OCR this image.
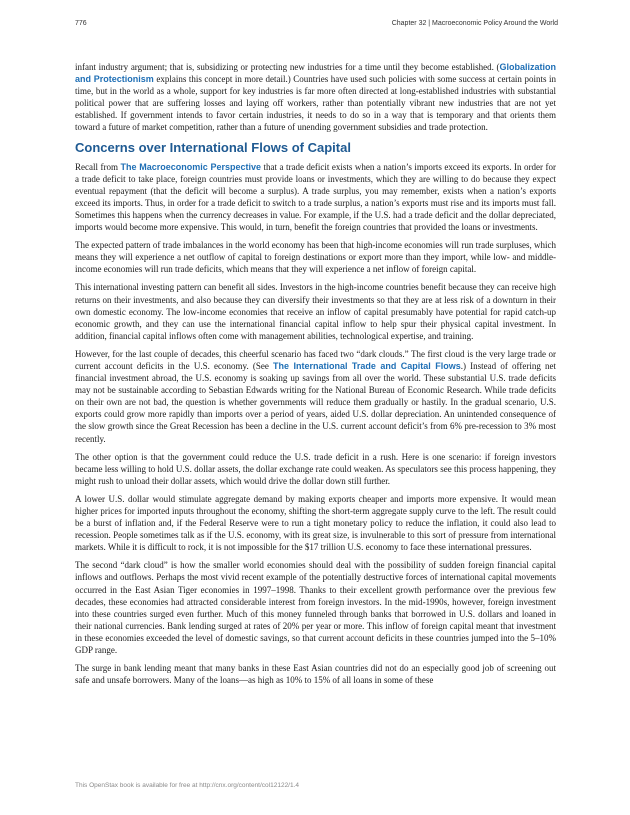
776	Chapter 32 | Macroeconomic Policy Around the World

infant industry argument; that is, subsidizing or protecting new industries for a time until they become established. (Globalization and Protectionism explains this concept in more detail.) Countries have used such policies with some success at certain points in time, but in the world as a whole, support for key industries is far more often directed at long-established industries with substantial political power that are suffering losses and laying off workers, rather than potentially vibrant new industries that are not yet established. If government intends to favor certain industries, it needs to do so in a way that is temporary and that orients them toward a future of market competition, rather than a future of unending government subsidies and trade protection.

Concerns over International Flows of Capital

Recall from The Macroeconomic Perspective that a trade deficit exists when a nation’s imports exceed its exports. In order for a trade deficit to take place, foreign countries must provide loans or investments, which they are willing to do because they expect eventual repayment (that the deficit will become a surplus). A trade surplus, you may remember, exists when a nation’s exports exceed its imports. Thus, in order for a trade deficit to switch to a trade surplus, a nation’s exports must rise and its imports must fall. Sometimes this happens when the currency decreases in value. For example, if the U.S. had a trade deficit and the dollar depreciated, imports would become more expensive. This would, in turn, benefit the foreign countries that provided the loans or investments.

The expected pattern of trade imbalances in the world economy has been that high-income economies will run trade surpluses, which means they will experience a net outflow of capital to foreign destinations or export more than they import, while low- and middle-income economies will run trade deficits, which means that they will experience a net inflow of foreign capital.

This international investing pattern can benefit all sides. Investors in the high-income countries benefit because they can receive high returns on their investments, and also because they can diversify their investments so that they are at less risk of a downturn in their own domestic economy. The low-income economies that receive an inflow of capital presumably have potential for rapid catch-up economic growth, and they can use the international financial capital inflow to help spur their physical capital investment. In addition, financial capital inflows often come with management abilities, technological expertise, and training.

However, for the last couple of decades, this cheerful scenario has faced two “dark clouds.” The first cloud is the very large trade or current account deficits in the U.S. economy. (See The International Trade and Capital Flows.) Instead of offering net financial investment abroad, the U.S. economy is soaking up savings from all over the world. These substantial U.S. trade deficits may not be sustainable according to Sebastian Edwards writing for the National Bureau of Economic Research. While trade deficits on their own are not bad, the question is whether governments will reduce them gradually or hastily. In the gradual scenario, U.S. exports could grow more rapidly than imports over a period of years, aided U.S. dollar depreciation. An unintended consequence of the slow growth since the Great Recession has been a decline in the U.S. current account deficit’s from 6% pre-recession to 3% most recently.

The other option is that the government could reduce the U.S. trade deficit in a rush. Here is one scenario: if foreign investors became less willing to hold U.S. dollar assets, the dollar exchange rate could weaken. As speculators see this process happening, they might rush to unload their dollar assets, which would drive the dollar down still further.

A lower U.S. dollar would stimulate aggregate demand by making exports cheaper and imports more expensive. It would mean higher prices for imported inputs throughout the economy, shifting the short-term aggregate supply curve to the left. The result could be a burst of inflation and, if the Federal Reserve were to run a tight monetary policy to reduce the inflation, it could also lead to recession. People sometimes talk as if the U.S. economy, with its great size, is invulnerable to this sort of pressure from international markets. While it is difficult to rock, it is not impossible for the $17 trillion U.S. economy to face these international pressures.

The second “dark cloud” is how the smaller world economies should deal with the possibility of sudden foreign financial capital inflows and outflows. Perhaps the most vivid recent example of the potentially destructive forces of international capital movements occurred in the East Asian Tiger economies in 1997–1998. Thanks to their excellent growth performance over the previous few decades, these economies had attracted considerable interest from foreign investors. In the mid-1990s, however, foreign investment into these countries surged even further. Much of this money funneled through banks that borrowed in U.S. dollars and loaned in their national currencies. Bank lending surged at rates of 20% per year or more. This inflow of foreign capital meant that investment in these economies exceeded the level of domestic savings, so that current account deficits in these countries jumped into the 5–10% GDP range.

The surge in bank lending meant that many banks in these East Asian countries did not do an especially good job of screening out safe and unsafe borrowers. Many of the loans—as high as 10% to 15% of all loans in some of these

This OpenStax book is available for free at http://cnx.org/content/col12122/1.4
